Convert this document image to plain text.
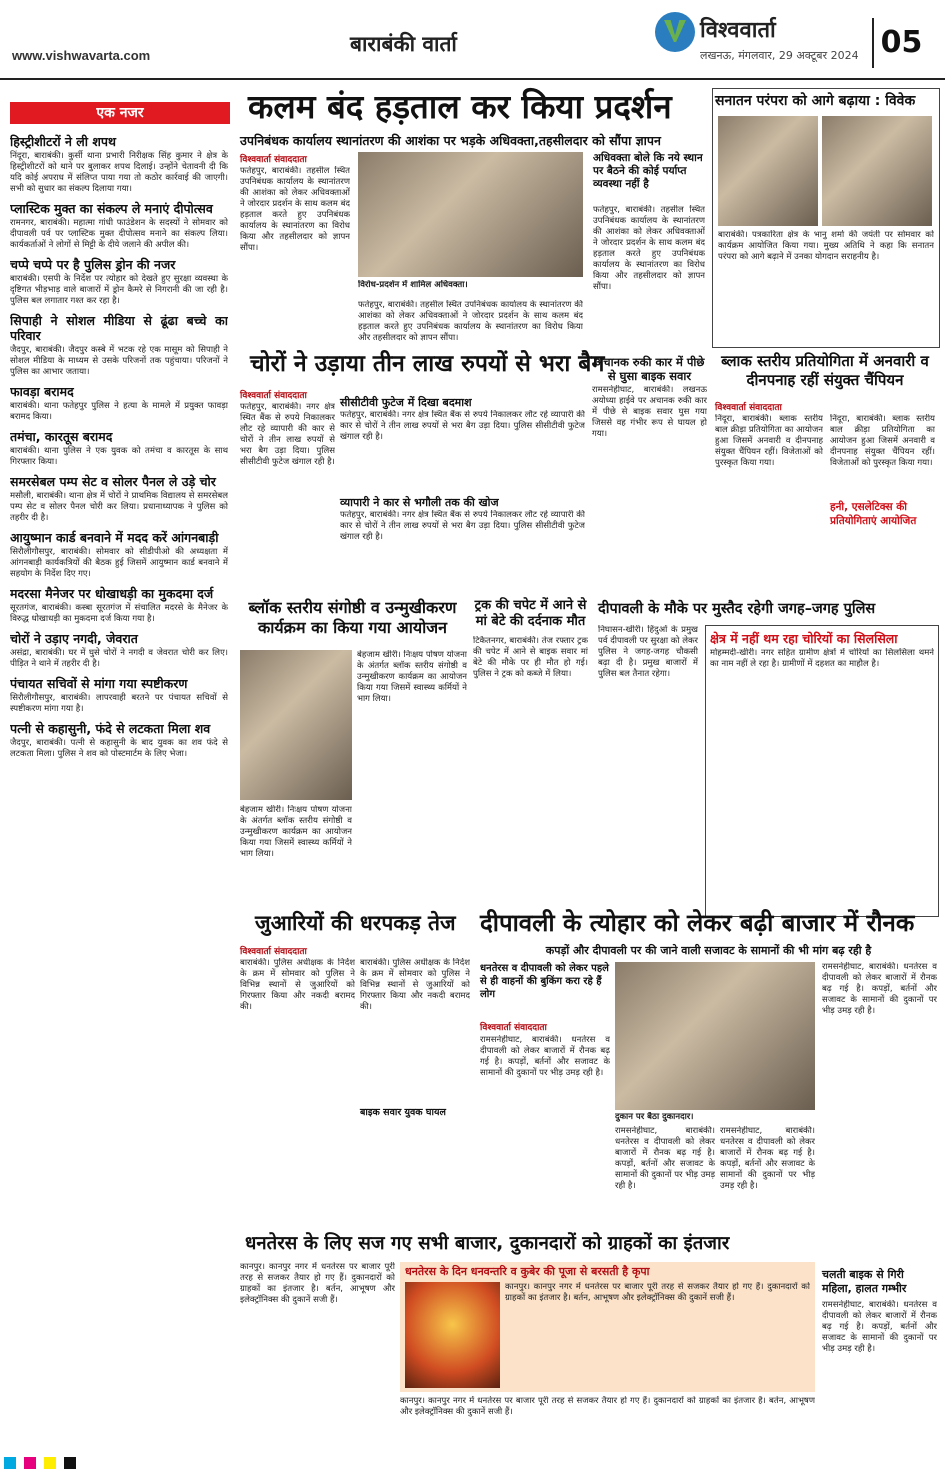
www.vishwavarta.com	बाराबंकी वार्ता
विश्ववार्ता
लखनऊ, मंगलवार, 29 अक्टूबर 2024 05
एक नजर
हिस्ट्रीशीटरों ने ली शपथ

निंदूरा, बाराबंकी। कुर्सी थाना प्रभारी निरीक्षक सिंह कुमार ने क्षेत्र के हिस्ट्रीशीटरों को थाने पर बुलाकर शपथ दिलाई। उन्होंने चेतावनी दी कि यदि कोई अपराध में संलिप्त पाया गया तो कठोर कार्रवाई की जाएगी। सभी को सुधार का संकल्प दिलाया गया।

प्लास्टिक मुक्त का संकल्प ले मनाएं दीपोत्सव

रामनगर, बाराबंकी। महात्मा गांधी फाउंडेशन के सदस्यों ने सोमवार को दीपावली पर्व पर प्लास्टिक मुक्त दीपोत्सव मनाने का संकल्प लिया। कार्यकर्ताओं ने लोगों से मिट्टी के दीये जलाने की अपील की।

चप्पे चप्पे पर है पुलिस ड्रोन की नजर

बाराबंकी। एसपी के निर्देश पर त्योहार को देखते हुए सुरक्षा व्यवस्था के दृष्टिगत भीड़भाड़ वाले बाजारों में ड्रोन कैमरे से निगरानी की जा रही है। पुलिस बल लगातार गश्त कर रहा है।

सिपाही ने सोशल मीडिया से ढूंढा बच्चे का परिवार

जैदपुर, बाराबंकी। जैदपुर कस्बे में भटक रहे एक मासूम को सिपाही ने सोशल मीडिया के माध्यम से उसके परिजनों तक पहुंचाया। परिजनों ने पुलिस का आभार जताया।

फावड़ा बरामद

बाराबंकी। थाना फतेहपुर पुलिस ने हत्या के मामले में प्रयुक्त फावड़ा बरामद किया।

तमंचा, कारतूस बरामद

बाराबंकी। थाना पुलिस ने एक युवक को तमंचा व कारतूस के साथ गिरफ्तार किया।

समरसेबल पम्प सेट व सोलर पैनल ले उड़े चोर

मसौली, बाराबंकी। थाना क्षेत्र में चोरों ने प्राथमिक विद्यालय से समरसेबल पम्प सेट व सोलर पैनल चोरी कर लिया। प्रधानाध्यापक ने पुलिस को तहरीर दी है।

आयुष्मान कार्ड बनवाने में मदद करें आंगनबाड़ी

सिरौलीगौसपुर, बाराबंकी। सोमवार को सीडीपीओ की अध्यक्षता में आंगनबाड़ी कार्यकत्रियों की बैठक हुई जिसमें आयुष्मान कार्ड बनवाने में सहयोग के निर्देश दिए गए।

मदरसा मैनेजर पर धोखाधड़ी का मुकदमा दर्ज

सूरतगंज, बाराबंकी। कस्बा सूरतगंज में संचालित मदरसे के मैनेजर के विरुद्ध धोखाधड़ी का मुकदमा दर्ज किया गया है।

चोरों ने उड़ाए नगदी, जेवरात

असंद्रा, बाराबंकी। घर में घुसे चोरों ने नगदी व जेवरात चोरी कर लिए। पीड़ित ने थाने में तहरीर दी है।

पंचायत सचिवों से मांगा गया स्पष्टीकरण

सिरौलीगौसपुर, बाराबंकी। लापरवाही बरतने पर पंचायत सचिवों से स्पष्टीकरण मांगा गया है।

पत्नी से कहासुनी, फंदे से लटकता मिला शव

जैदपुर, बाराबंकी। पत्नी से कहासुनी के बाद युवक का शव फंदे से लटकता मिला। पुलिस ने शव को पोस्टमार्टम के लिए भेजा।

कलम बंद हड़ताल कर किया प्रदर्शन
उपनिबंधक कार्यालय स्थानांतरण की आशंका पर भड़के अधिवक्ता,तहसीलदार को सौंपा ज्ञापन
विश्ववार्ता संवाददाता
फतेहपुर, बाराबंकी। तहसील स्थित उपनिबंधक कार्यालय के स्थानांतरण की आशंका को लेकर अधिवक्ताओं ने जोरदार प्रदर्शन के साथ कलम बंद हड़ताल करते हुए उपनिबंधक कार्यालय के स्थानांतरण का विरोध किया और तहसीलदार को ज्ञापन सौंपा।
विरोध-प्रदर्शन में शामिल अधिवक्ता।
अधिवक्ता बोले कि नये स्थान पर बैठने की कोई पर्याप्त व्यवस्था नहीं है
फतेहपुर, बाराबंकी। तहसील स्थित उपनिबंधक कार्यालय के स्थानांतरण की आशंका को लेकर अधिवक्ताओं ने जोरदार प्रदर्शन के साथ कलम बंद हड़ताल करते हुए उपनिबंधक कार्यालय के स्थानांतरण का विरोध किया और तहसीलदार को ज्ञापन सौंपा।
फतेहपुर, बाराबंकी। तहसील स्थित उपनिबंधक कार्यालय के स्थानांतरण की आशंका को लेकर अधिवक्ताओं ने जोरदार प्रदर्शन के साथ कलम बंद हड़ताल करते हुए उपनिबंधक कार्यालय के स्थानांतरण का विरोध किया और तहसीलदार को ज्ञापन सौंपा।
सनातन परंपरा को आगे बढ़ाया : विवेक
बाराबंकी। पत्रकारिता क्षेत्र के भानु शर्मा की जयंती पर सोमवार को कार्यक्रम आयोजित किया गया। मुख्य अतिथि ने कहा कि सनातन परंपरा को आगे बढ़ाने में उनका योगदान सराहनीय है।
चोरों ने उड़ाया तीन लाख रुपयों से भरा बैग
विश्ववार्ता संवाददाता
फतेहपुर, बाराबंकी। नगर क्षेत्र स्थित बैंक से रुपये निकालकर लौट रहे व्यापारी की कार से चोरों ने तीन लाख रुपयों से भरा बैग उड़ा दिया। पुलिस सीसीटीवी फुटेज खंगाल रही है।
सीसीटीवी फुटेज में दिखा बदमाश
फतेहपुर, बाराबंकी। नगर क्षेत्र स्थित बैंक से रुपये निकालकर लौट रहे व्यापारी की कार से चोरों ने तीन लाख रुपयों से भरा बैग उड़ा दिया। पुलिस सीसीटीवी फुटेज खंगाल रही है।
व्यापारी ने कार से भगौली तक की खोज
फतेहपुर, बाराबंकी। नगर क्षेत्र स्थित बैंक से रुपये निकालकर लौट रहे व्यापारी की कार से चोरों ने तीन लाख रुपयों से भरा बैग उड़ा दिया। पुलिस सीसीटीवी फुटेज खंगाल रही है।
अचानक रुकी कार में पीछे से घुसा बाइक सवार
रामसनेहीघाट, बाराबंकी। लखनऊ अयोध्या हाईवे पर अचानक रुकी कार में पीछे से बाइक सवार घुस गया जिससे वह गंभीर रूप से घायल हो गया।
ब्लाक स्तरीय प्रतियोगिता में अनवारी व दीनपनाह रहीं संयुक्त चैंपियन
विश्ववार्ता संवाददाता
निंदूरा, बाराबंकी। ब्लाक स्तरीय बाल क्रीड़ा प्रतियोगिता का आयोजन हुआ जिसमें अनवारी व दीनपनाह संयुक्त चैंपियन रहीं। विजेताओं को पुरस्कृत किया गया।
हनी, एसलेटिक्स की प्रतियोगिताएं आयोजित
निंदूरा, बाराबंकी। ब्लाक स्तरीय बाल क्रीड़ा प्रतियोगिता का आयोजन हुआ जिसमें अनवारी व दीनपनाह संयुक्त चैंपियन रहीं। विजेताओं को पुरस्कृत किया गया।
ब्लॉक स्तरीय संगोष्ठी व उन्मुखीकरण कार्यक्रम का किया गया आयोजन
बेहजाम खीरी। निःक्षय पोषण योजना के अंतर्गत ब्लॉक स्तरीय संगोष्ठी व उन्मुखीकरण कार्यक्रम का आयोजन किया गया जिसमें स्वास्थ्य कर्मियों ने भाग लिया।
बेहजाम खीरी। निःक्षय पोषण योजना के अंतर्गत ब्लॉक स्तरीय संगोष्ठी व उन्मुखीकरण कार्यक्रम का आयोजन किया गया जिसमें स्वास्थ्य कर्मियों ने भाग लिया।
ट्रक की चपेट में आने से मां बेटे की दर्दनाक मौत
टिकैतनगर, बाराबंकी। तेज रफ्तार ट्रक की चपेट में आने से बाइक सवार मां बेटे की मौके पर ही मौत हो गई। पुलिस ने ट्रक को कब्जे में लिया।
दीपावली के मौके पर मुस्तैद रहेगी जगह–जगह पुलिस
निघासन-खीरी। हिंदुओं के प्रमुख पर्व दीपावली पर सुरक्षा को लेकर पुलिस ने जगह-जगह चौकसी बढ़ा दी है। प्रमुख बाजारों में पुलिस बल तैनात रहेगा।
क्षेत्र में नहीं थम रहा चोरियों का सिलसिला
मोहम्मदी-खीरी। नगर सहित ग्रामीण क्षेत्रों में चोरियों का सिलसिला थमने का नाम नहीं ले रहा है। ग्रामीणों में दहशत का माहौल है।
जुआरियों की धरपकड़ तेज
विश्ववार्ता संवाददाता
बाराबंकी। पुलिस अधीक्षक के निर्देश के क्रम में सोमवार को पुलिस ने विभिन्न स्थानों से जुआरियों को गिरफ्तार किया और नकदी बरामद की।
बाइक सवार युवक घायल
बाराबंकी। पुलिस अधीक्षक के निर्देश के क्रम में सोमवार को पुलिस ने विभिन्न स्थानों से जुआरियों को गिरफ्तार किया और नकदी बरामद की।
दीपावली के त्योहार को लेकर बढ़ी बाजार में रौनक
कपड़ों और दीपावली पर की जाने वाली सजावट के सामानों की भी मांग बढ़ रही है
धनतेरस व दीपावली को लेकर पहले से ही वाहनों की बुकिंग करा रहे हैं लोग
विश्ववार्ता संवाददाता
रामसनेहीघाट, बाराबंकी। धनतेरस व दीपावली को लेकर बाजारों में रौनक बढ़ गई है। कपड़ों, बर्तनों और सजावट के सामानों की दुकानों पर भीड़ उमड़ रही है।
दुकान पर बैठा दुकानदार।
रामसनेहीघाट, बाराबंकी। धनतेरस व दीपावली को लेकर बाजारों में रौनक बढ़ गई है। कपड़ों, बर्तनों और सजावट के सामानों की दुकानों पर भीड़ उमड़ रही है।
रामसनेहीघाट, बाराबंकी। धनतेरस व दीपावली को लेकर बाजारों में रौनक बढ़ गई है। कपड़ों, बर्तनों और सजावट के सामानों की दुकानों पर भीड़ उमड़ रही है।
रामसनेहीघाट, बाराबंकी। धनतेरस व दीपावली को लेकर बाजारों में रौनक बढ़ गई है। कपड़ों, बर्तनों और सजावट के सामानों की दुकानों पर भीड़ उमड़ रही है।
चलती बाइक से गिरी महिला, हालत गम्भीर
रामसनेहीघाट, बाराबंकी। धनतेरस व दीपावली को लेकर बाजारों में रौनक बढ़ गई है। कपड़ों, बर्तनों और सजावट के सामानों की दुकानों पर भीड़ उमड़ रही है।
धनतेरस के लिए सज गए सभी बाजार, दुकानदारों को ग्राहकों का इंतजार
कानपुर। कानपुर नगर में धनतेरस पर बाजार पूरी तरह से सजकर तैयार हो गए हैं। दुकानदारों को ग्राहकों का इंतजार है। बर्तन, आभूषण और इलेक्ट्रॉनिक्स की दुकानें सजी हैं।
धनतेरस के दिन धनवन्तरि व कुबेर की पूजा से बरसती है कृपा
कानपुर। कानपुर नगर में धनतेरस पर बाजार पूरी तरह से सजकर तैयार हो गए हैं। दुकानदारों को ग्राहकों का इंतजार है। बर्तन, आभूषण और इलेक्ट्रॉनिक्स की दुकानें सजी हैं।
कानपुर। कानपुर नगर में धनतेरस पर बाजार पूरी तरह से सजकर तैयार हो गए हैं। दुकानदारों को ग्राहकों का इंतजार है। बर्तन, आभूषण और इलेक्ट्रॉनिक्स की दुकानें सजी हैं।
